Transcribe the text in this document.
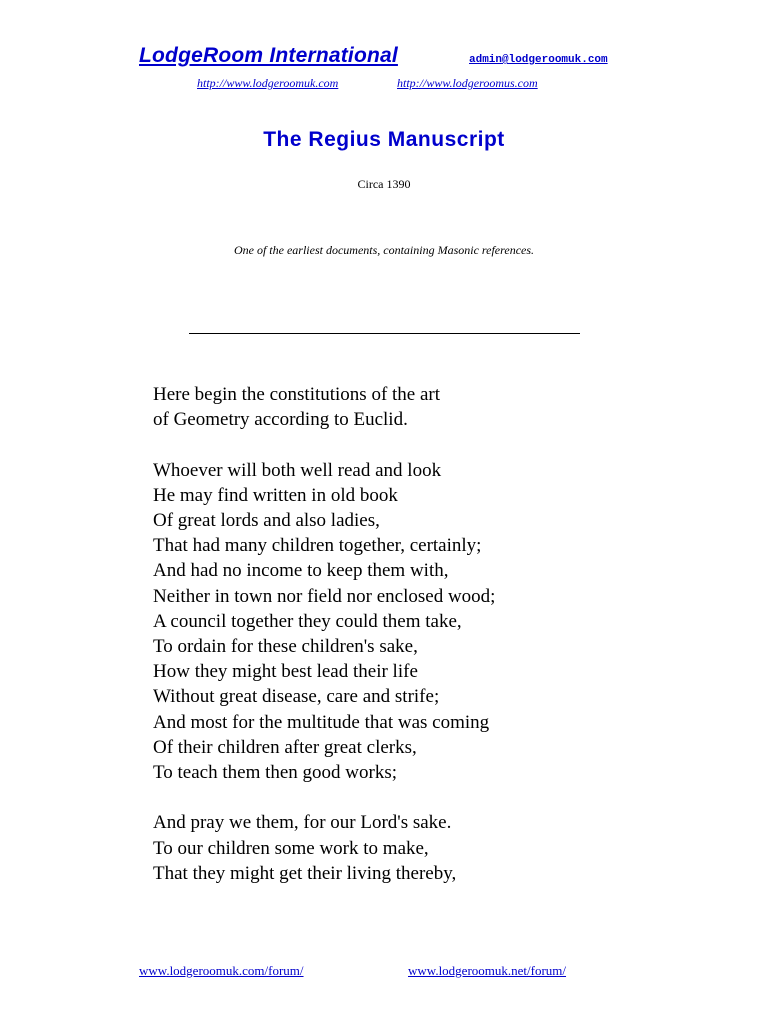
LodgeRoom International	admin@lodgeroomuk.com
http://www.lodgeroomuk.com	http://www.lodgeroomus.com
The Regius Manuscript
Circa 1390
One of the earliest documents, containing Masonic references.
Here begin the constitutions of the art
of Geometry according to Euclid.
Whoever will both well read and look
He may find written in old book
Of great lords and also ladies,
That had many children together, certainly;
And had no income to keep them with,
Neither in town nor field nor enclosed wood;
A council together they could them take,
To ordain for these children's sake,
How they might best lead their life
Without great disease, care and strife;
And most for the multitude that was coming
Of their children after great clerks,
To teach them then good works;
And pray we them, for our Lord's sake.
To our children some work to make,
That they might get their living thereby,
www.lodgeroomuk.com/forum/	www.lodgeroomuk.net/forum/
